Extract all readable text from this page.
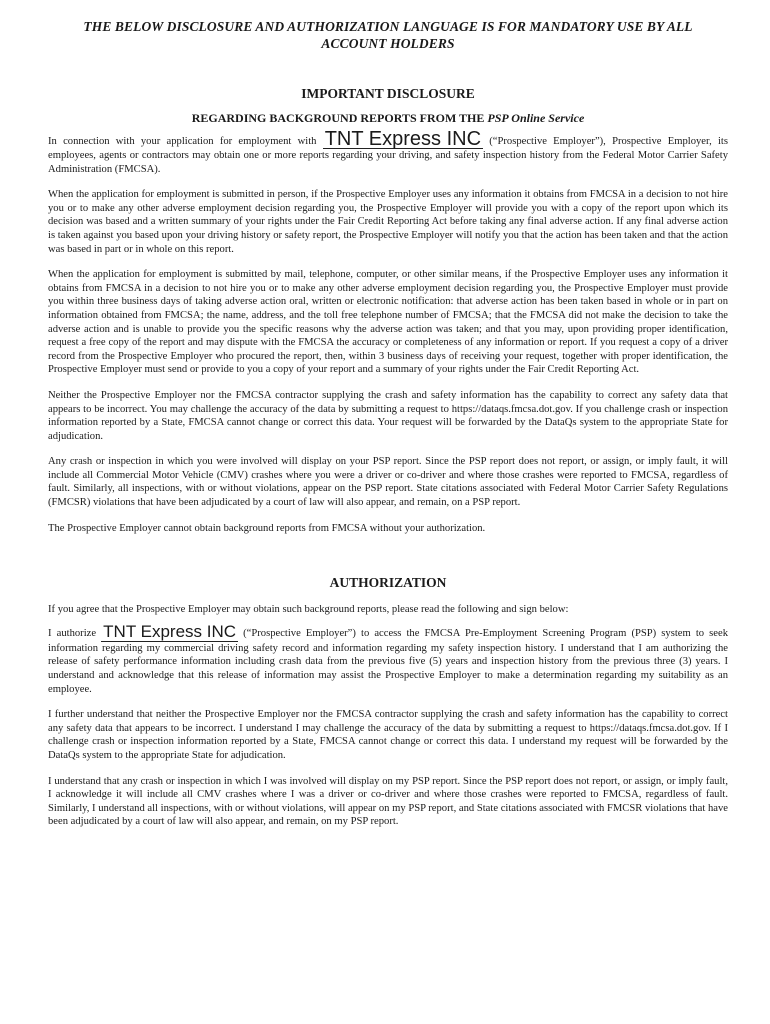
THE BELOW DISCLOSURE AND AUTHORIZATION LANGUAGE IS FOR MANDATORY USE BY ALL
ACCOUNT HOLDERS
IMPORTANT DISCLOSURE
REGARDING BACKGROUND REPORTS FROM THE PSP Online Service

In connection with your application for employment with TNT Express INC (“Prospective Employer”), Prospective Employer, its employees, agents or contractors may obtain one or more reports regarding your driving, and safety inspection history from the Federal Motor Carrier Safety Administration (FMCSA).

When the application for employment is submitted in person, if the Prospective Employer uses any information it obtains from FMCSA in a decision to not hire you or to make any other adverse employment decision regarding you, the Prospective Employer will provide you with a copy of the report upon which its decision was based and a written summary of your rights under the Fair Credit Reporting Act before taking any final adverse action. If any final adverse action is taken against you based upon your driving history or safety report, the Prospective Employer will notify you that the action has been taken and that the action was based in part or in whole on this report.

When the application for employment is submitted by mail, telephone, computer, or other similar means, if the Prospective Employer uses any information it obtains from FMCSA in a decision to not hire you or to make any other adverse employment decision regarding you, the Prospective Employer must provide you within three business days of taking adverse action oral, written or electronic notification: that adverse action has been taken based in whole or in part on information obtained from FMCSA; the name, address, and the toll free telephone number of FMCSA; that the FMCSA did not make the decision to take the adverse action and is unable to provide you the specific reasons why the adverse action was taken; and that you may, upon providing proper identification, request a free copy of the report and may dispute with the FMCSA the accuracy or completeness of any information or report. If you request a copy of a driver record from the Prospective Employer who procured the report, then, within 3 business days of receiving your request, together with proper identification, the Prospective Employer must send or provide to you a copy of your report and a summary of your rights under the Fair Credit Reporting Act.

Neither the Prospective Employer nor the FMCSA contractor supplying the crash and safety information has the capability to correct any safety data that appears to be incorrect. You may challenge the accuracy of the data by submitting a request to https://dataqs.fmcsa.dot.gov. If you challenge crash or inspection information reported by a State, FMCSA cannot change or correct this data. Your request will be forwarded by the DataQs system to the appropriate State for adjudication.

Any crash or inspection in which you were involved will display on your PSP report. Since the PSP report does not report, or assign, or imply fault, it will include all Commercial Motor Vehicle (CMV) crashes where you were a driver or co-driver and where those crashes were reported to FMCSA, regardless of fault. Similarly, all inspections, with or without violations, appear on the PSP report. State citations associated with Federal Motor Carrier Safety Regulations (FMCSR) violations that have been adjudicated by a court of law will also appear, and remain, on a PSP report.

The Prospective Employer cannot obtain background reports from FMCSA without your authorization.

AUTHORIZATION

If you agree that the Prospective Employer may obtain such background reports, please read the following and sign below:

I authorize TNT Express INC (“Prospective Employer”) to access the FMCSA Pre-Employment Screening Program (PSP) system to seek information regarding my commercial driving safety record and information regarding my safety inspection history. I understand that I am authorizing the release of safety performance information including crash data from the previous five (5) years and inspection history from the previous three (3) years. I understand and acknowledge that this release of information may assist the Prospective Employer to make a determination regarding my suitability as an employee.

I further understand that neither the Prospective Employer nor the FMCSA contractor supplying the crash and safety information has the capability to correct any safety data that appears to be incorrect. I understand I may challenge the accuracy of the data by submitting a request to https://dataqs.fmcsa.dot.gov. If I challenge crash or inspection information reported by a State, FMCSA cannot change or correct this data. I understand my request will be forwarded by the DataQs system to the appropriate State for adjudication.

I understand that any crash or inspection in which I was involved will display on my PSP report. Since the PSP report does not report, or assign, or imply fault, I acknowledge it will include all CMV crashes where I was a driver or co-driver and where those crashes were reported to FMCSA, regardless of fault. Similarly, I understand all inspections, with or without violations, will appear on my PSP report, and State citations associated with FMCSR violations that have been adjudicated by a court of law will also appear, and remain, on my PSP report.
